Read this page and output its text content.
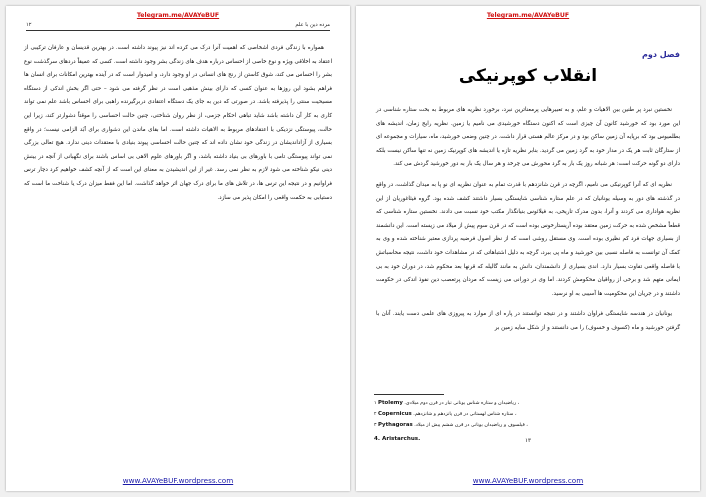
Telegram.me/AVAYeBUF
۱۲	مرده دین با علم

همواره با زندگی فردی اشخاصی که اهمیت آنرا درک می کرده اند نیز پیوند داشته است. در بهترین قدیسان و عارفان ترکیبی از اعتقاد به اخلاقی ویژه و نوع خاصی از احساس درباره هدف های زندگی بشر وجود داشته است. کسی که عمیقاً دردهای سرگذشت نوع بشر را احساس می کند، شوق کاستن از رنج های انسانی در او وجود دارد، و امیدوار است که در آینده بهترین امکانات برای انسان ها فراهم بشود این روزها به عنوان کسی که دارای بینش مذهبی است در نظر گرفته می شود – حتی اگر بخش اندکی از دستگاه مسیحیت سنتی را پذیرفته باشد. در صورتی که دین به جای یک دستگاه اعتقادی دربرگیرنده راهبی برای احساس باشد علم نمی تواند کاری به کار آن داشته باشد شاید تباهی احکام جزمی، از نظر روان شناختی، چنین حالت احساسی را موقتاً دشوارتر کند، زیرا این حالت، پیوستگی نزدیکی با اعتقادهای مربوط به الاهیات داشته است. اما بقای ماندن این دشواری برای اَبَد الزامی نیست؛ در واقع بسیاری از آزاداندیشان در زندگی خود نشان داده اند که چنین حالت احساسی پیوند بنیادی با معتقدات دینی ندارد. هیچ تعالی بزرگی نمی تواند پیوستگی تامی با باورهای بی بنیاد داشته باشد، و اگر باورهای علوم الاهی بی اساس باشند برای نگهبانی از آنچه در بینش دینی نیکو شناخته می شود لازم به نظر نمی رسد. غیر از این اندیشیدن به معنای این است که از آنچه کشف خواهیم کرد دچار ترس فراوانیم و در نتیجه این ترس ها، در تلاش های ما برای درک جهان اثر خواهد گذاشت. اما این فقط میزان درک یا شناخت ما است که دستیابی به حکمت واقعی را امکان پذیر می سازد.

www.AVAYeBUF.wordpress.com
Telegram.me/AVAYeBUF
فصل دوم
انقلاب کوپرنیکی

نخستین نبرد پر طنین بین الاهیات و علم، و به تعبیرهایی پرمعناترین نبرد، برخورد نظریه های مربوط به بخت ستاره شناسی در این مورد بود که خورشید کانون آن چیزی است که اکنون دستگاه خورشیدی می نامیم یا زمین. نظریه رایج زمان، اندیشه های بطلمیوس بود که برپایه آن زمین ساکن بود و در مرکز عالم هستی قرار داشت. در چنین وضعی خورشید، ماه، سیارات و مجموعه ای از ستارگان ثابت هر یک در مدار خود به گرد زمین می گردید. بنابر نظریه تازه یا اندیشه های کوپرنیک زمین نه تنها ساکن نیست بلکه دارای دو گونه حرکت است: هر شبانه روز یک بار به گرد محورش می چرخد و هر سال یک بار به دور خورشید گردش می کند.

نظریه ای که آنرا کوپرنیکی می نامیم، اگرچه در قرن شانزدهم با قدرت تمام به عنوان نظریه ای نو پا به میدان گذاشت، در واقع در گذشته های دور به وسیله یونانیان که در علم ستاره شناسی شایستگی بسیار داشتند کشف شده بود. گروه فیثاغوریان از این نظریه هواداری می کردند و آنرا، بدون مدرک تاریخی، به فیلائوس بنیانگذار مکتب خود نسبت می دادند. نخستین ستاره شناسی که قطعاً مشخص شده به حرکت زمین معتقد بوده آریستارخوس بوده است که در قرن سوم پیش از میلاد می زیسته است. این دانشمند از بسیاری جهات فرد کم نظیری بوده است. وی مستقل روشی است که از نظر اصول فرضیه پردازی معتبر شناخته شده و وی به کمک آن توانست به فاصله نسبی بین خورشید و ماه پی ببرد، گرچه به دلیل اشتباهاتی که در مشاهدات خود داشت، نتیجه محاسباتش با فاصله واقعی تفاوت بسیار دارد. اندی بسیاری از دانشمندان، دانش به مانند گالیله که قرنها بعد محکوم شد، در دوران خود به بی ایمانی متهم شد و برخی از رواقیان محکومش کردند. اما وی در دورانی می زیست که مردان پرتعصب دین نفوذ اندکی در حکومت داشتند و در جریان این محکومیت ها آسیبی به او نرسید.

یونانیان در هندسه شایستگی فراوان داشتند و در نتیجه توانستند در پاره ای از موارد به پیروزی های علمی دست یابند. آنان با گرفتن خورشید و ماه (کسوف و خسوف) را می دانستند و از شکل سایه زمین بر

۱ Ptolemy ، ریاضیدان و ستاره شناس یونانی تبار در قرن دوم میلادی.
۲ Copernicus ، ستاره شناس لهستانی در قرن پانزدهم و شانزدهم.
۳ Pythagoras ، فیلسوف و ریاضیدان یونانی در قرن ششم پیش از میلاد.
4. Aristarchus.	۱۳
www.AVAYeBUF.wordpress.com
